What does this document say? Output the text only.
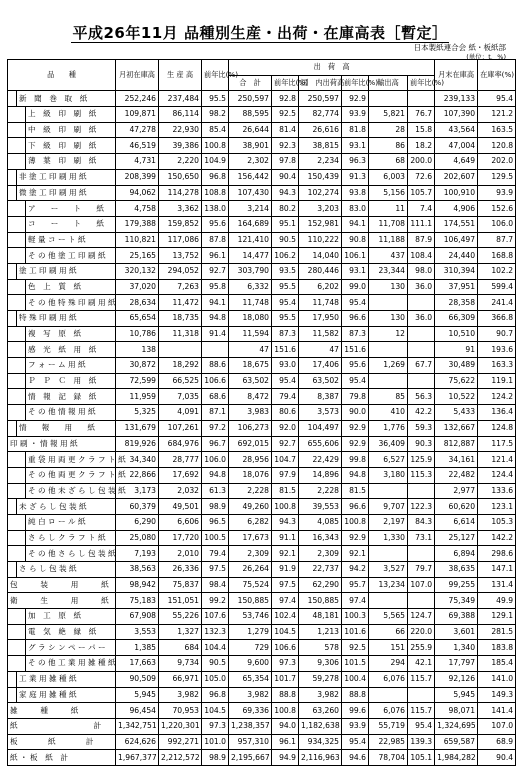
平成26年11月 品種別生産・出荷・在庫高表［暫定］
日本製紙連合会 紙・板紙部
(単位：t、%)
品　　種			月初在庫高	生 産 高	前年比(%)	出　荷　高						月末在庫高	在庫率(%)
						合　計	前年比(%)	国　内出荷高	前年比(%)	輸出高	前年比(%)		
	新　聞　巻　取　紙		252,246	237,484	95.5	250,597	92.8	250,597	92.9			239,133	95.4
		上　級　印　刷　紙	109,871	86,114	98.2	88,595	92.5	82,774	93.9	5,821	76.7	107,390	121.2
		中　級　印　刷　紙	47,278	22,930	85.4	26,644	81.4	26,616	81.8	28	15.8	43,564	163.5
		下　級　印　刷　紙	46,519	39,386	100.8	38,901	92.3	38,815	93.1	86	18.2	47,004	120.8
		薄　葉　印　刷　紙	4,731	2,220	104.9	2,302	97.8	2,234	96.3	68	200.0	4,649	202.0
	非 塗 工 印 刷 用 紙		208,399	150,650	96.8	156,442	90.4	150,439	91.3	6,003	72.6	202,607	129.5
	微 塗 工 印 刷 用 紙		94,062	114,278	108.8	107,430	94.3	102,274	93.8	5,156	105.7	100,910	93.9
		ア　　ー　　ト　　紙	4,758	3,362	138.0	3,214	80.2	3,203	83.0	11	7.4	4,906	152.6
		コ　　ー　　ト　　紙	179,388	159,852	95.6	164,689	95.1	152,981	94.1	11,708	111.1	174,551	106.0
		軽 量 コ ー ト 紙	110,821	117,086	87.8	121,410	90.5	110,222	90.8	11,188	87.9	106,497	87.7
		そ の 他 塗 工 印 刷 紙	25,165	13,752	96.1	14,477	106.2	14,040	106.1	437	108.4	24,440	168.8
	塗 工 印 刷 用 紙		320,132	294,052	92.7	303,790	93.5	280,446	93.1	23,344	98.0	310,394	102.2
		色　上　質　紙	37,020	7,263	95.8	6,332	95.5	6,202	99.0	130	36.0	37,951	599.4
		そ の 他 特 殊 印 刷 用 紙	28,634	11,472	94.1	11,748	95.4	11,748	95.4			28,358	241.4
	特 殊 印 刷 用 紙		65,654	18,735	94.8	18,080	95.5	17,950	96.6	130	36.0	66,309	366.8
		複　写　原　紙	10,786	11,318	91.4	11,594	87.3	11,582	87.3	12		10,510	90.7
		感　光　紙　用　紙	138			47	151.6	47	151.6			91	193.6
		フ ォ ー ム 用 紙	30,872	18,292	88.6	18,675	93.0	17,406	95.6	1,269	67.7	30,489	163.3
		Ｐ　Ｐ　Ｃ　用　紙	72,599	66,525	106.6	63,502	95.4	63,502	95.4			75,622	119.1
		情　報　記　録　紙	11,959	7,035	68.6	8,472	79.4	8,387	79.8	85	56.3	10,522	124.2
		そ の 他 情 報 用 紙	5,325	4,091	87.1	3,983	80.6	3,573	90.0	410	42.2	5,433	136.4
	情　　報　　用　　紙		131,679	107,261	97.2	106,273	92.0	104,497	92.9	1,776	59.3	132,667	124.8
印 刷 ・ 情 報 用 紙			819,926	684,976	96.7	692,015	92.7	655,606	92.9	36,409	90.3	812,887	117.5
		重 袋 用 両 更 ク ラ フ ト 紙	34,340	28,777	106.0	28,956	104.7	22,429	99.8	6,527	125.9	34,161	121.4
		そ の 他 両 更 ク ラ フ ト 紙	22,866	17,692	94.8	18,076	97.9	14,896	94.8	3,180	115.3	22,482	124.4
		そ の 他 未 ざ ら し 包 装 紙	3,173	2,032	61.3	2,228	81.5	2,228	81.5			2,977	133.6
	未 ざ ら し 包 装 紙		60,379	49,501	98.9	49,260	100.8	39,553	96.6	9,707	122.3	60,620	123.1
		純 白 ロ ー ル 紙	6,290	6,606	96.5	6,282	94.3	4,085	100.8	2,197	84.3	6,614	105.3
		さ ら し ク ラ フ ト 紙	25,080	17,720	100.5	17,673	91.1	16,343	92.9	1,330	73.1	25,127	142.2
		そ の 他 さ ら し 包 装 紙	7,193	2,010	79.4	2,309	92.1	2,309	92.1			6,894	298.6
	さ ら し 包 装 紙		38,563	26,336	97.5	26,264	91.9	22,737	94.2	3,527	79.7	38,635	147.1
包　　　装　　　用　　　紙			98,942	75,837	98.4	75,524	97.5	62,290	95.7	13,234	107.0	99,255	131.4
衛　　　生　　　用　　　紙			75,183	151,051	99.2	150,885	97.4	150,885	97.4			75,349	49.9
		加　工　原　紙	67,908	55,226	107.6	53,746	102.4	48,181	100.3	5,565	124.7	69,388	129.1
		電　気　絶　縁　紙	3,553	1,327	132.3	1,279	104.5	1,213	101.6	66	220.0	3,601	281.5
		グ ラ シ ン ペ ー パ ー	1,385	684	104.4	729	106.6	578	92.5	151	255.9	1,340	183.8
		そ の 他 工 業 用 雑 種 紙	17,663	9,734	90.5	9,600	97.3	9,306	101.5	294	42.1	17,797	185.4
	工 業 用 雑 種 紙		90,509	66,971	105.0	65,354	101.7	59,278	100.4	6,076	115.7	92,126	141.0
	家 庭 用 雑 種 紙		5,945	3,982	96.8	3,982	88.8	3,982	88.8			5,945	149.3
雑　　　種　　　紙			96,454	70,953	104.5	69,336	100.8	63,260	99.6	6,076	115.7	98,071	141.4
紙　　　　　　　　　　計			1,342,751	1,220,301	97.3	1,238,357	94.0	1,182,638	93.9	55,719	95.4	1,324,695	107.0
板　　　　紙　　　　計			624,626	992,271	101.0	957,310	96.1	934,325	95.4	22,985	139.3	659,587	68.9
紙 ・ 板　紙　計			1,967,377	2,212,572	98.9	2,195,667	94.9	2,116,963	94.6	78,704	105.1	1,984,282	90.4
